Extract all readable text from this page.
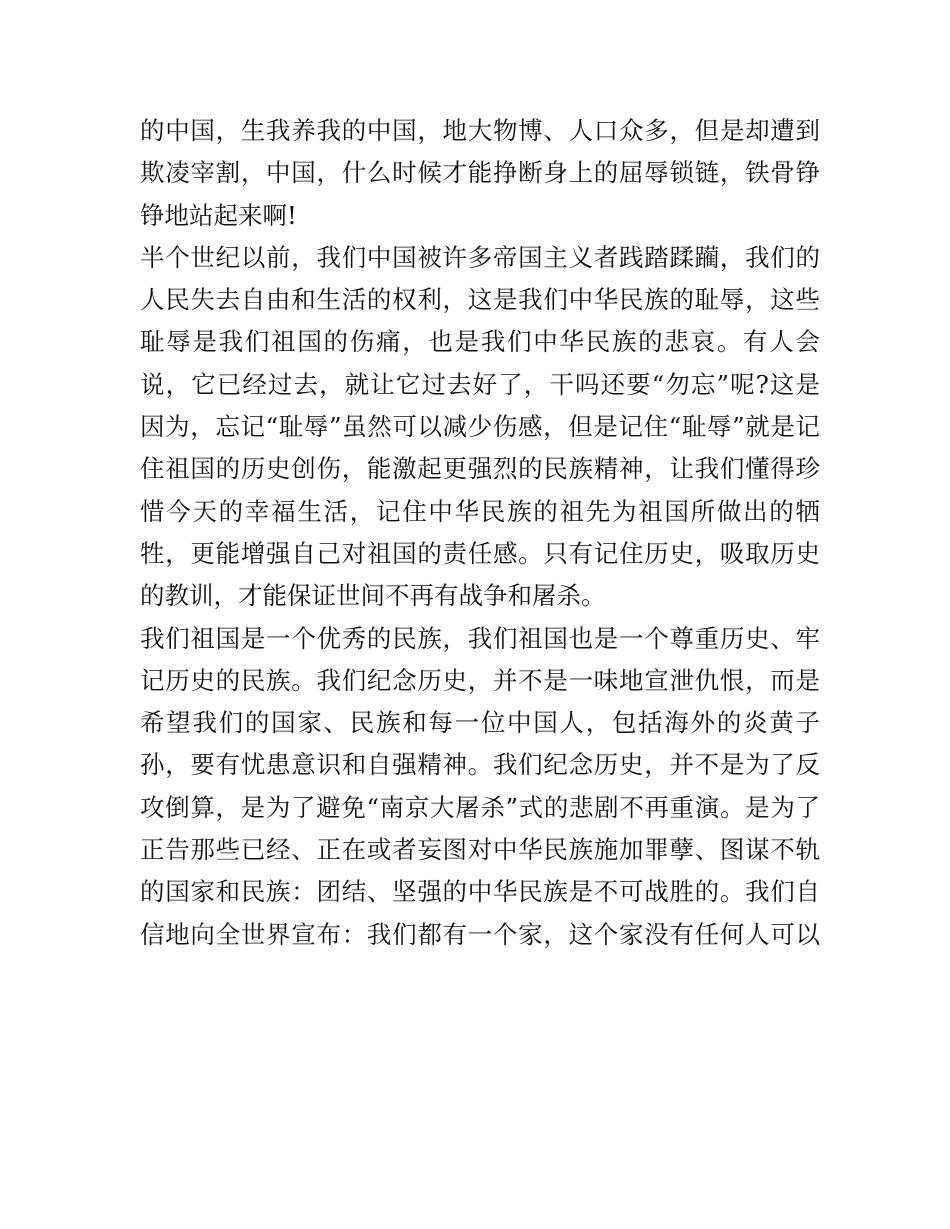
的中国，生我养我的中国，地大物博、人口众多，但是却遭到
欺凌宰割，中国，什么时候才能挣断身上的屈辱锁链，铁骨铮
铮地站起来啊!
半个世纪以前，我们中国被许多帝国主义者践踏蹂躏，我们的
人民失去自由和生活的权利，这是我们中华民族的耻辱，这些
耻辱是我们祖国的伤痛，也是我们中华民族的悲哀。有人会
说，它已经过去，就让它过去好了，干吗还要“勿忘”呢?这是
因为，忘记“耻辱”虽然可以减少伤感，但是记住“耻辱”就是记
住祖国的历史创伤，能激起更强烈的民族精神，让我们懂得珍
惜今天的幸福生活，记住中华民族的祖先为祖国所做出的牺
牲，更能增强自己对祖国的责任感。只有记住历史，吸取历史
的教训，才能保证世间不再有战争和屠杀。
我们祖国是一个优秀的民族，我们祖国也是一个尊重历史、牢
记历史的民族。我们纪念历史，并不是一味地宣泄仇恨，而是
希望我们的国家、民族和每一位中国人，包括海外的炎黄子
孙，要有忧患意识和自强精神。我们纪念历史，并不是为了反
攻倒算，是为了避免“南京大屠杀”式的悲剧不再重演。是为了
正告那些已经、正在或者妄图对中华民族施加罪孽、图谋不轨
的国家和民族：团结、坚强的中华民族是不可战胜的。我们自
信地向全世界宣布：我们都有一个家，这个家没有任何人可以
